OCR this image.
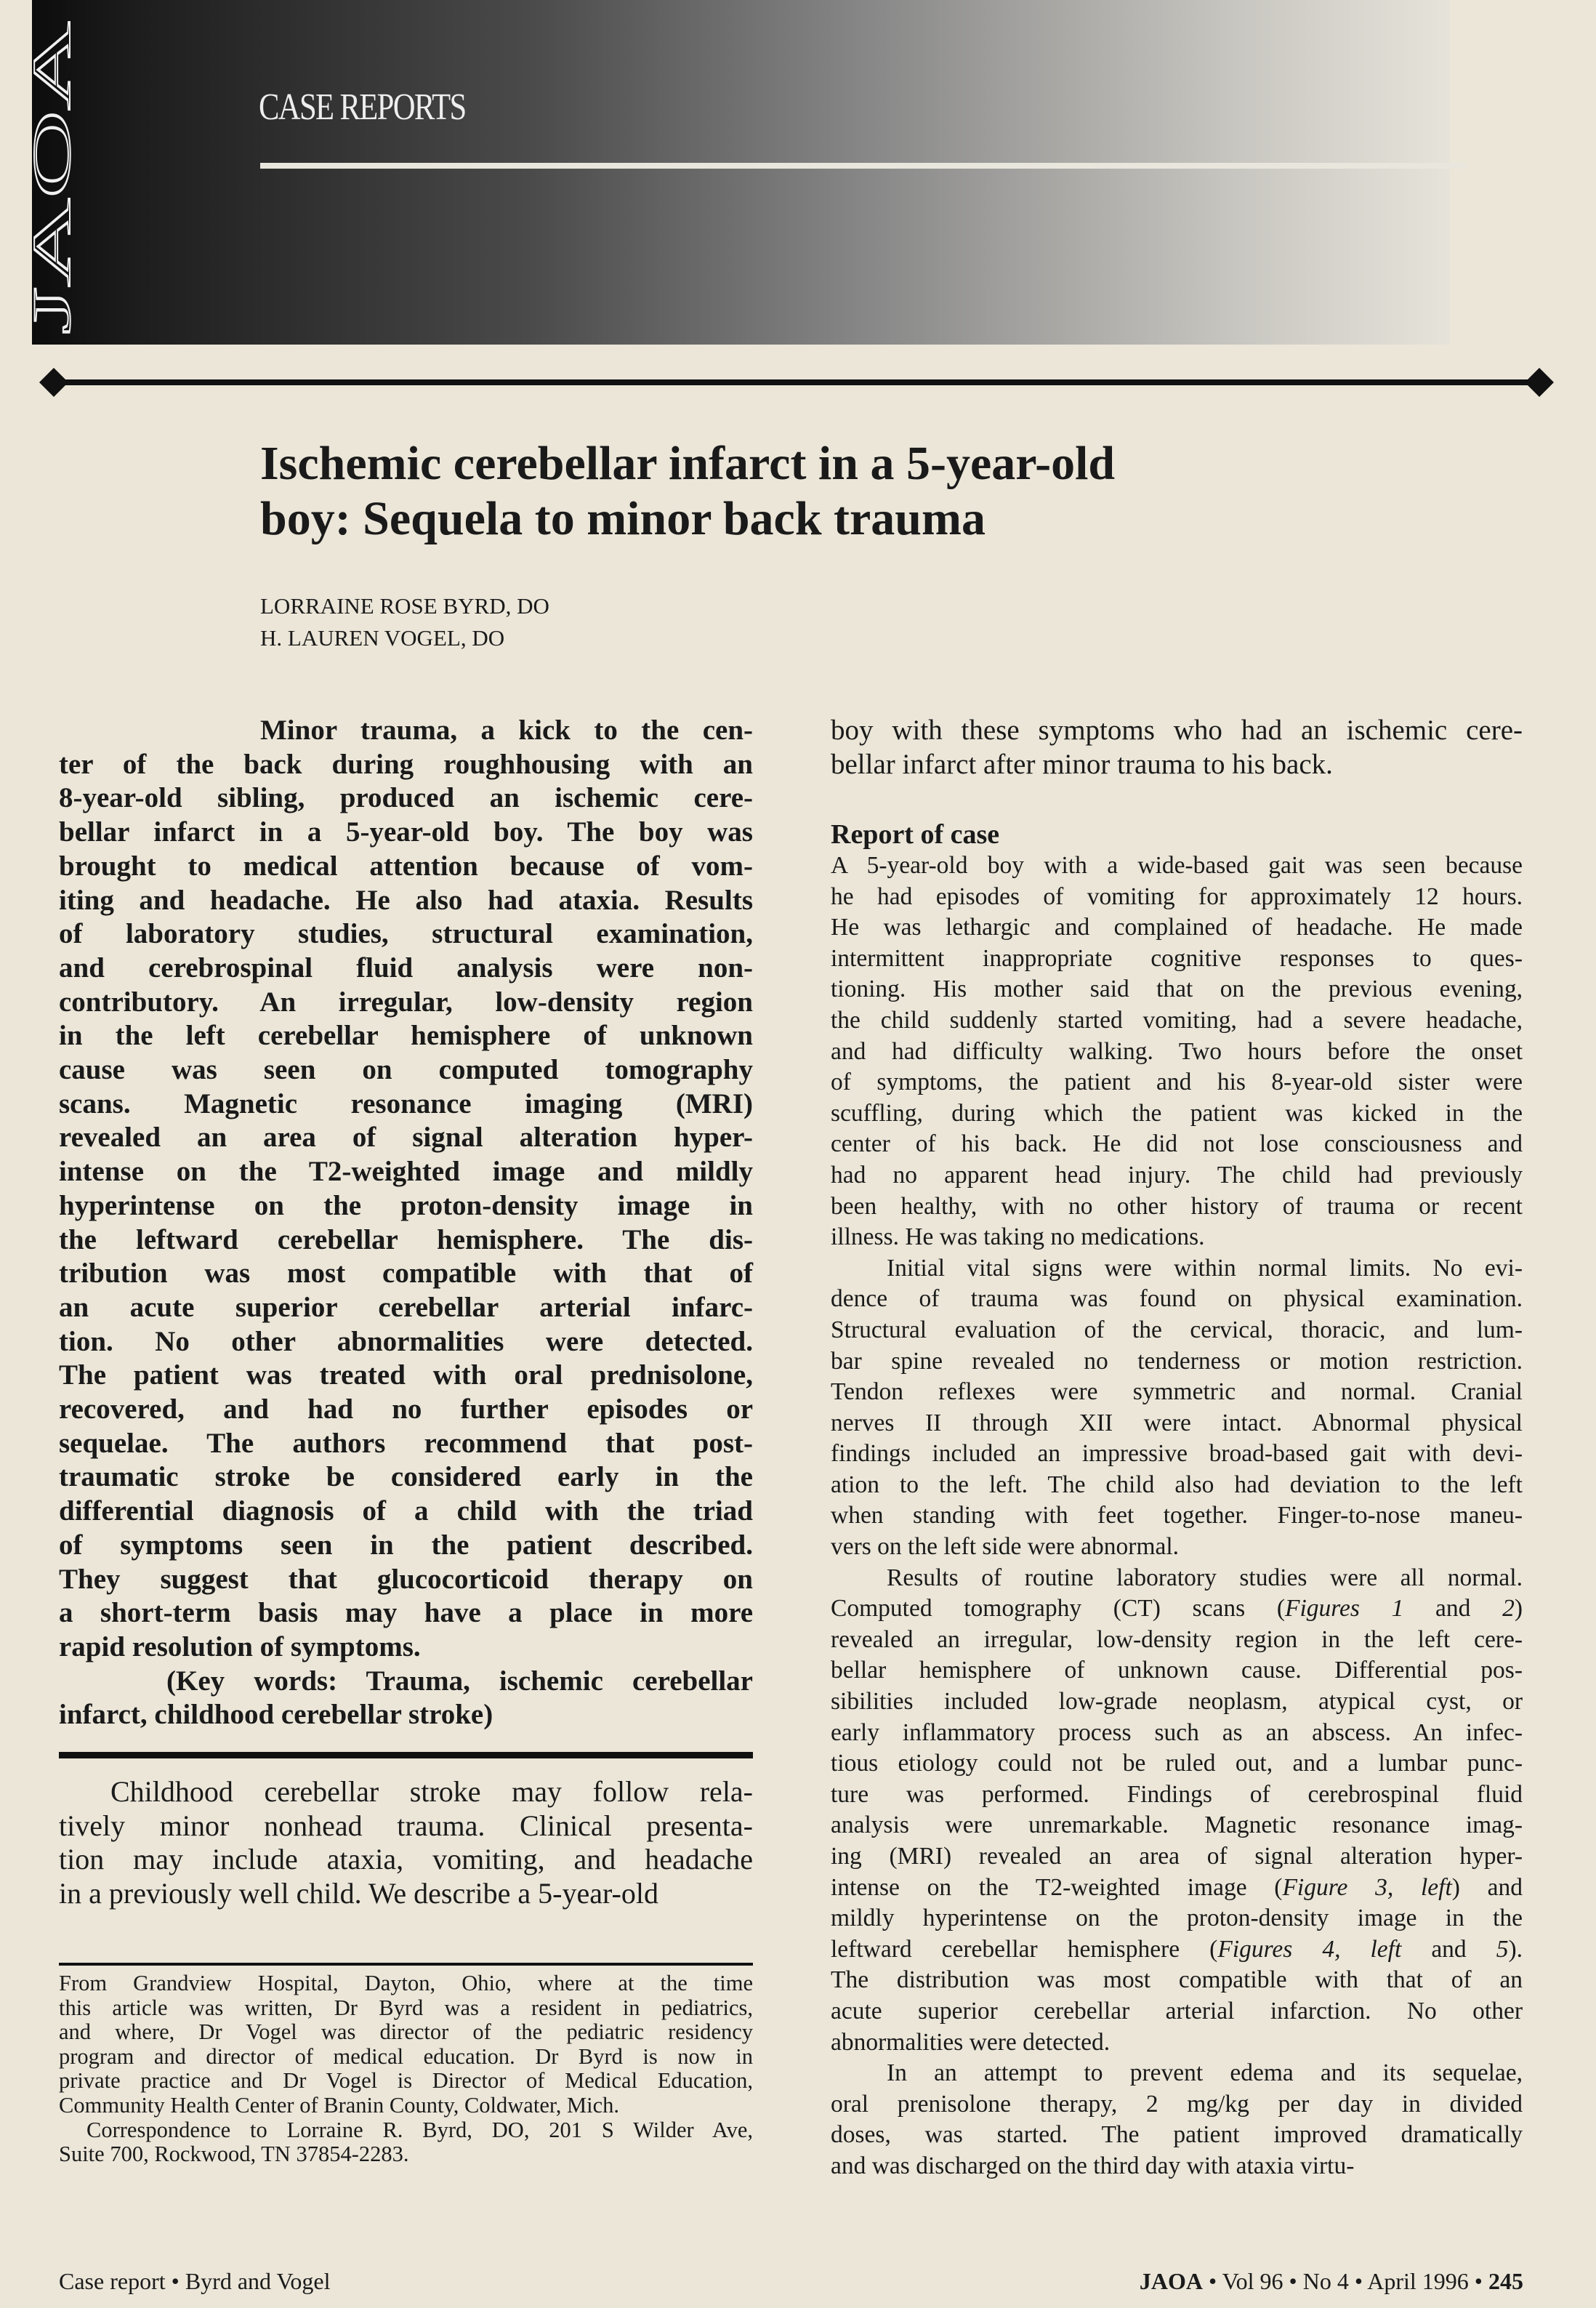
JAOA
CASE REPORTS
Ischemic cerebellar infarct in a 5-year-old
boy: Sequela to minor back trauma
LORRAINE ROSE BYRD, DO
H. LAUREN VOGEL, DO
Minor trauma, a kick to the cen-
ter of the back during roughhousing with an
8-year-old sibling, produced an ischemic cere-
bellar infarct in a 5-year-old boy. The boy was
brought to medical attention because of vom-
iting and headache. He also had ataxia. Results
of laboratory studies, structural examination,
and cerebrospinal fluid analysis were non-
contributory. An irregular, low-density region
in the left cerebellar hemisphere of unknown
cause was seen on computed tomography
scans. Magnetic resonance imaging (MRI)
revealed an area of signal alteration hyper-
intense on the T2-weighted image and mildly
hyperintense on the proton-density image in
the leftward cerebellar hemisphere. The dis-
tribution was most compatible with that of
an acute superior cerebellar arterial infarc-
tion. No other abnormalities were detected.
The patient was treated with oral prednisolone,
recovered, and had no further episodes or
sequelae. The authors recommend that post-
traumatic stroke be considered early in the
differential diagnosis of a child with the triad
of symptoms seen in the patient described.
They suggest that glucocorticoid therapy on
a short-term basis may have a place in more
rapid resolution of symptoms.
(Key words: Trauma, ischemic cerebellar
infarct, childhood cerebellar stroke)
Childhood cerebellar stroke may follow rela-
tively minor nonhead trauma. Clinical presenta-
tion may include ataxia, vomiting, and headache
in a previously well child. We describe a 5-year-old
From Grandview Hospital, Dayton, Ohio, where at the time
this article was written, Dr Byrd was a resident in pediatrics,
and where, Dr Vogel was director of the pediatric residency
program and director of medical education. Dr Byrd is now in
private practice and Dr Vogel is Director of Medical Education,
Community Health Center of Branin County, Coldwater, Mich.
Correspondence to Lorraine R. Byrd, DO, 201 S Wilder Ave,
Suite 700, Rockwood, TN 37854-2283.
boy with these symptoms who had an ischemic cere-
bellar infarct after minor trauma to his back.
Report of case
A 5-year-old boy with a wide-based gait was seen because
he had episodes of vomiting for approximately 12 hours.
He was lethargic and complained of headache. He made
intermittent inappropriate cognitive responses to ques-
tioning. His mother said that on the previous evening,
the child suddenly started vomiting, had a severe headache,
and had difficulty walking. Two hours before the onset
of symptoms, the patient and his 8-year-old sister were
scuffling, during which the patient was kicked in the
center of his back. He did not lose consciousness and
had no apparent head injury. The child had previously
been healthy, with no other history of trauma or recent
illness. He was taking no medications.
Initial vital signs were within normal limits. No evi-
dence of trauma was found on physical examination.
Structural evaluation of the cervical, thoracic, and lum-
bar spine revealed no tenderness or motion restriction.
Tendon reflexes were symmetric and normal. Cranial
nerves II through XII were intact. Abnormal physical
findings included an impressive broad-based gait with devi-
ation to the left. The child also had deviation to the left
when standing with feet together. Finger-to-nose maneu-
vers on the left side were abnormal.
Results of routine laboratory studies were all normal.
Computed tomography (CT) scans (Figures 1 and 2)
revealed an irregular, low-density region in the left cere-
bellar hemisphere of unknown cause. Differential pos-
sibilities included low-grade neoplasm, atypical cyst, or
early inflammatory process such as an abscess. An infec-
tious etiology could not be ruled out, and a lumbar punc-
ture was performed. Findings of cerebrospinal fluid
analysis were unremarkable. Magnetic resonance imag-
ing (MRI) revealed an area of signal alteration hyper-
intense on the T2-weighted image (Figure 3, left) and
mildly hyperintense on the proton-density image in the
leftward cerebellar hemisphere (Figures 4, left and 5).
The distribution was most compatible with that of an
acute superior cerebellar arterial infarction. No other
abnormalities were detected.
In an attempt to prevent edema and its sequelae,
oral prenisolone therapy, 2 mg/kg per day in divided
doses, was started. The patient improved dramatically
and was discharged on the third day with ataxia virtu-
Case report • Byrd and Vogel	JAOA • Vol 96 • No 4 • April 1996 • 245
